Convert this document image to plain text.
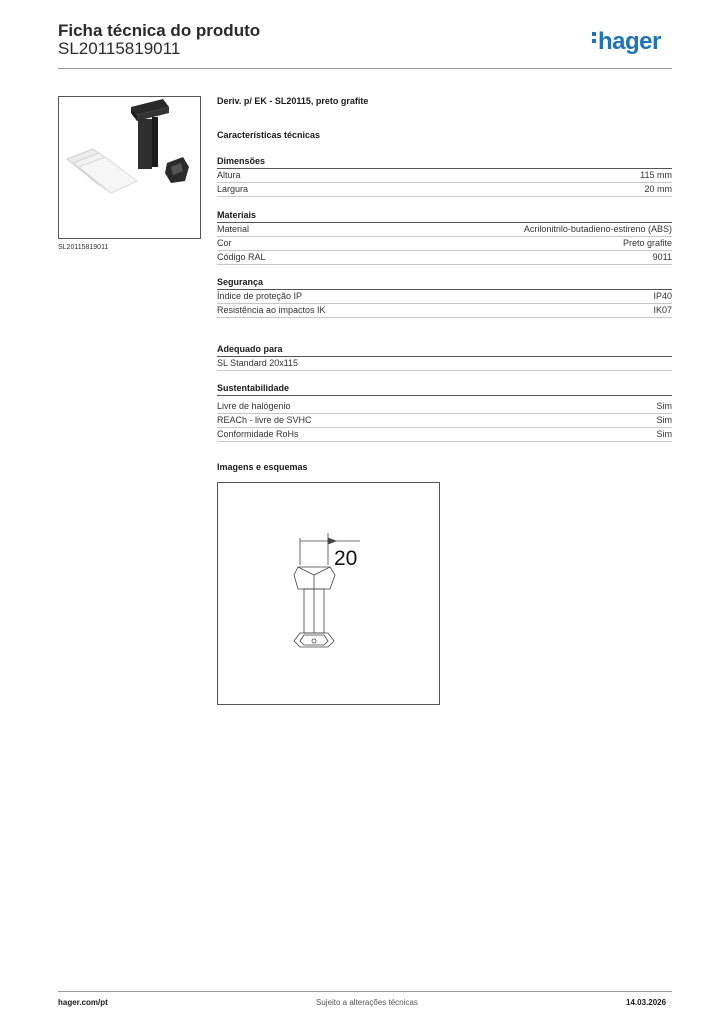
Ficha técnica do produto
SL20115819011	hager
SL20115819011
Deriv. p/ EK - SL20115, preto grafite
Características técnicas
Dimensões
Altura	115 mm
Largura	20 mm
Materiais
Material	Acrilonitrilo-butadieno-estireno (ABS)
Cor	Preto grafite
Código RAL	9011
Segurança
Índice de proteção IP	IP40
Resistência ao impactos IK	IK07
Adequado para
SL Standard 20x115
Sustentabilidade
Livre de halógenio	Sim
REACh - livre de SVHC	Sim
Conformidade RoHs	Sim
Imagens e esquemas
20
hager.com/pt	Sujeito a alterações técnicas	14.03.2026
